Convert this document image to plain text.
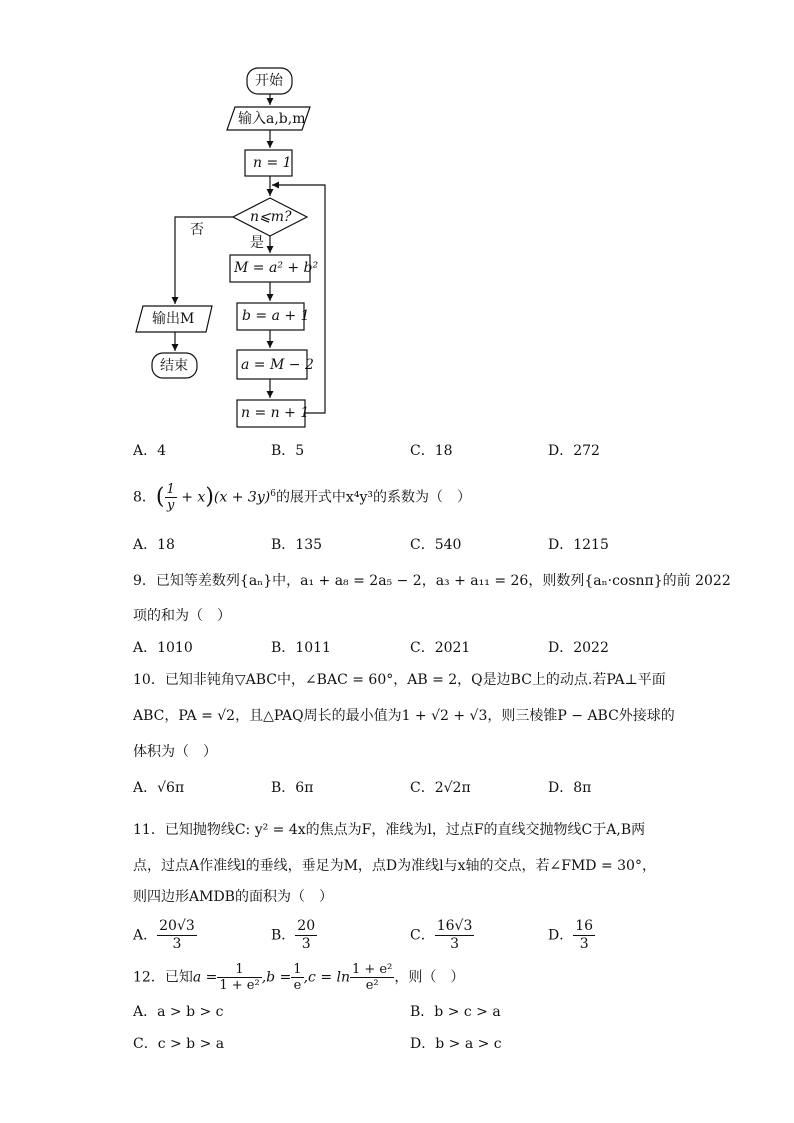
开始
输入a,b,m
n = 1
n⩽m?
否
是
M = a² + b²
b = a + 1
a = M − 2
n = n + 1
输出M
结束
A．4	B．5	C．18	D．272
8．( $\frac{1}{y} + x)(x + 3y)^6$的展开式中x⁴y³的系数为（　）
A．18	B．135	C．540	D．1215
9．已知等差数列{aₙ}中，a₁ + a₈ = 2a₅ − 2，a₃ + a₁₁ = 26，则数列{aₙ·cosnπ}的前 2022
项的和为（　）
A．1010	B．1011	C．2021	D．2022
10．已知非钝角▽ABC中，∠BAC = 60°，AB = 2，Q是边BC上的动点.若PA⊥平面
ABC，PA = √2，且△PAQ周长的最小值为1 + √2 + √3，则三棱锥P − ABC外接球的
体积为（　）
A．√6π	B．6π	C．2√2π	D．8π
11．已知抛物线C: y² = 4x的焦点为F，准线为l，过点F的直线交抛物线C于A,B两
点，过点A作准线l的垂线，垂足为M，点D为准线l与x轴的交点，若∠FMD = 30°，
则四边形AMDB的面积为（　）
A． $\frac{20√3}{3}$	B． $\frac{20}{3}$	C． $\frac{16√3}{3}$	D． $\frac{16}{3}$
12．已知$a = \frac{1}{\text{1 + e²}} ,b = \frac{1}{e} ,c = \ln \frac{\text{1 + e²}}{\text{e²}}$ ，则（　）
A．a > b > c	B．b > c > a
C．c > b > a	D．b > a > c
